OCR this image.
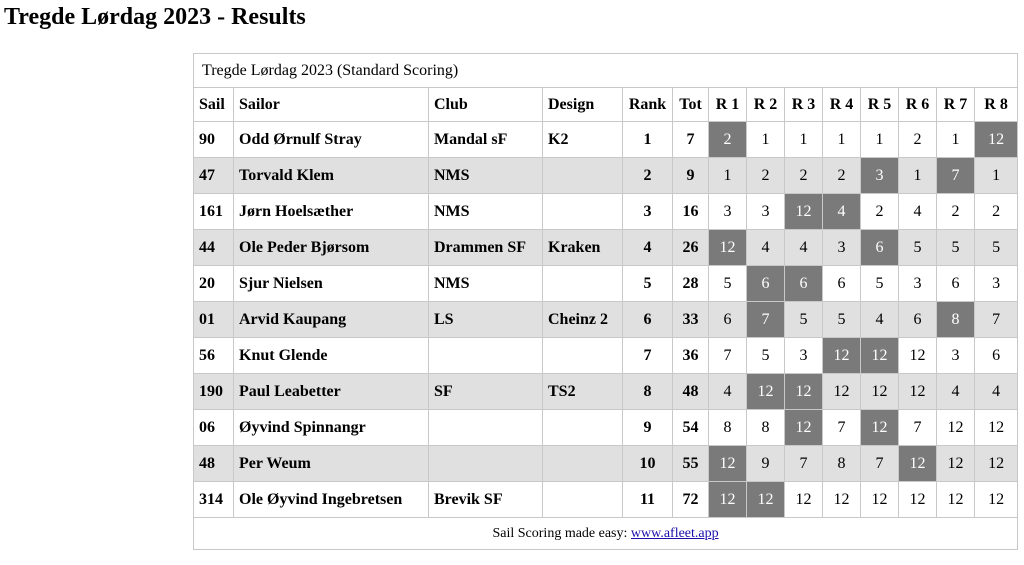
Tregde Lørdag 2023 - Results
Tregde Lørdag 2023 (Standard Scoring)													
Sail	Sailor	Club	Design	Rank	Tot	R 1	R 2	R 3	R 4	R 5	R 6	R 7	R 8
90	Odd Ørnulf Stray	Mandal sF	K2	1	7	2	1	1	1	1	2	1	12
47	Torvald Klem	NMS		2	9	1	2	2	2	3	1	7	1
161	Jørn Hoelsæther	NMS		3	16	3	3	12	4	2	4	2	2
44	Ole Peder Bjørsom	Drammen SF	Kraken	4	26	12	4	4	3	6	5	5	5
20	Sjur Nielsen	NMS		5	28	5	6	6	6	5	3	6	3
01	Arvid Kaupang	LS	Cheinz 2	6	33	6	7	5	5	4	6	8	7
56	Knut Glende			7	36	7	5	3	12	12	12	3	6
190	Paul Leabetter	SF	TS2	8	48	4	12	12	12	12	12	4	4
06	Øyvind Spinnangr			9	54	8	8	12	7	12	7	12	12
48	Per Weum			10	55	12	9	7	8	7	12	12	12
314	Ole Øyvind Ingebretsen	Brevik SF		11	72	12	12	12	12	12	12	12	12
Sail Scoring made easy: www.afleet.app													
